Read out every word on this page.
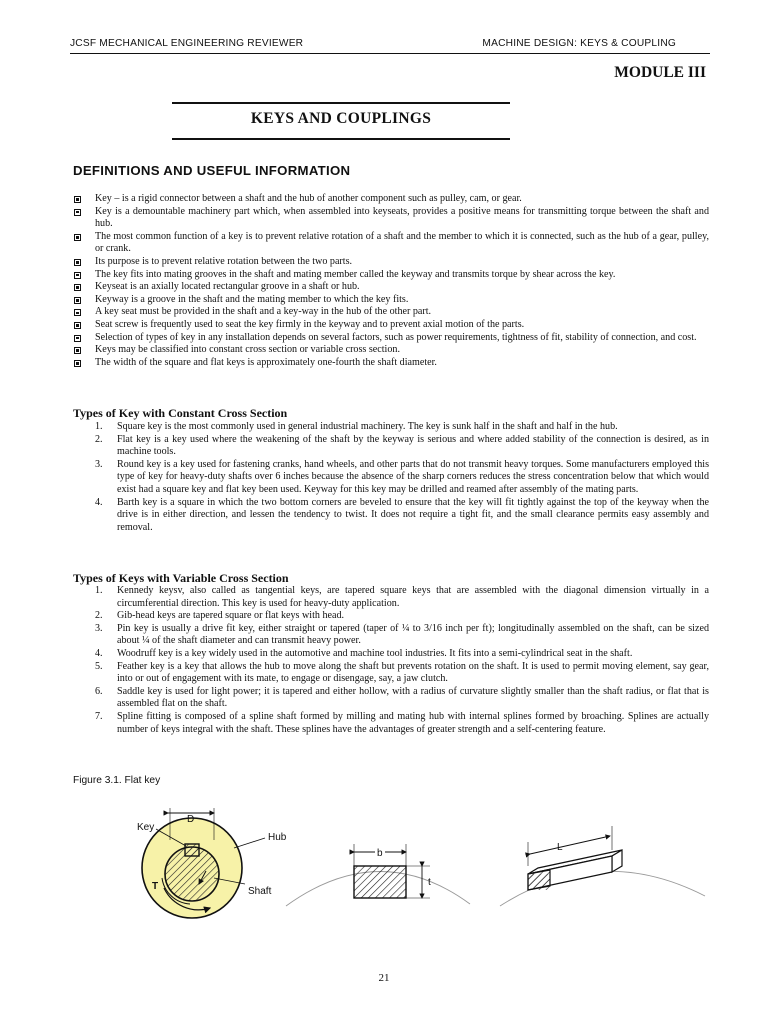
JCSF MECHANICAL ENGINEERING REVIEWER	MACHINE DESIGN: KEYS & COUPLING
MODULE III
KEYS AND COUPLINGS
DEFINITIONS AND USEFUL INFORMATION
Key – is a rigid connector between a shaft and the hub of another component such as pulley, cam, or gear.
Key is a demountable machinery part which, when assembled into keyseats, provides a positive means for transmitting torque between the shaft and hub.
The most common function of a key is to prevent relative rotation of a shaft and the member to which it is connected, such as the hub of a gear, pulley, or crank.
Its purpose is to prevent relative rotation between the two parts.
The key fits into mating grooves in the shaft and mating member called the keyway and transmits torque by shear across the key.
Keyseat is an axially located rectangular groove in a shaft or hub.
Keyway is a groove in the shaft and the mating member to which the key fits.
A key seat must be provided in the shaft and a key-way in the hub of the other part.
Seat screw is frequently used to seat the key firmly in the keyway and to prevent axial motion of the parts.
Selection of types of key in any installation depends on several factors, such as power requirements, tightness of fit, stability of connection, and cost.
Keys may be classified into constant cross section or variable cross section.
The width of the square and flat keys is approximately one-fourth the shaft diameter.
Types of Key with Constant Cross Section
1. Square key is the most commonly used in general industrial machinery. The key is sunk half in the shaft and half in the hub.
2. Flat key is a key used where the weakening of the shaft by the keyway is serious and where added stability of the connection is desired, as in machine tools.
3. Round key is a key used for fastening cranks, hand wheels, and other parts that do not transmit heavy torques. Some manufacturers employed this type of key for heavy-duty shafts over 6 inches because the absence of the sharp corners reduces the stress concentration below that which would exist had a square key and flat key been used. Keyway for this key may be drilled and reamed after assembly of the mating parts.
4. Barth key is a square in which the two bottom corners are beveled to ensure that the key will fit tightly against the top of the keyway when the drive is in either direction, and lessen the tendency to twist. It does not require a tight fit, and the small clearance permits easy assembly and removal.
Types of Keys with Variable Cross Section
1. Kennedy keysv, also called as tangential keys, are tapered square keys that are assembled with the diagonal dimension virtually in a circumferential direction. This key is used for heavy-duty application.
2. Gib-head keys are tapered square or flat keys with head.
3. Pin key is usually a drive fit key, either straight or tapered (taper of ¼ to 3/16 inch per ft); longitudinally assembled on the shaft, can be sized about ¼ of the shaft diameter and can transmit heavy power.
4. Woodruff key is a key widely used in the automotive and machine tool industries. It fits into a semi-cylindrical seat in the shaft.
5. Feather key is a key that allows the hub to move along the shaft but prevents rotation on the shaft. It is used to permit moving element, say gear, into or out of engagement with its mate, to engage or disengage, say, a jaw clutch.
6. Saddle key is used for light power; it is tapered and either hollow, with a radius of curvature slightly smaller than the shaft radius, or flat that is assembled flat on the shaft.
7. Spline fitting is composed of a spline shaft formed by milling and mating hub with internal splines formed by broaching. Splines are actually number of keys integral with the shaft. These splines have the advantages of greater strength and a self-centering feature.
Figure 3.1. Flat key
Key
D
Hub
Shaft
T
b
t
L
21
